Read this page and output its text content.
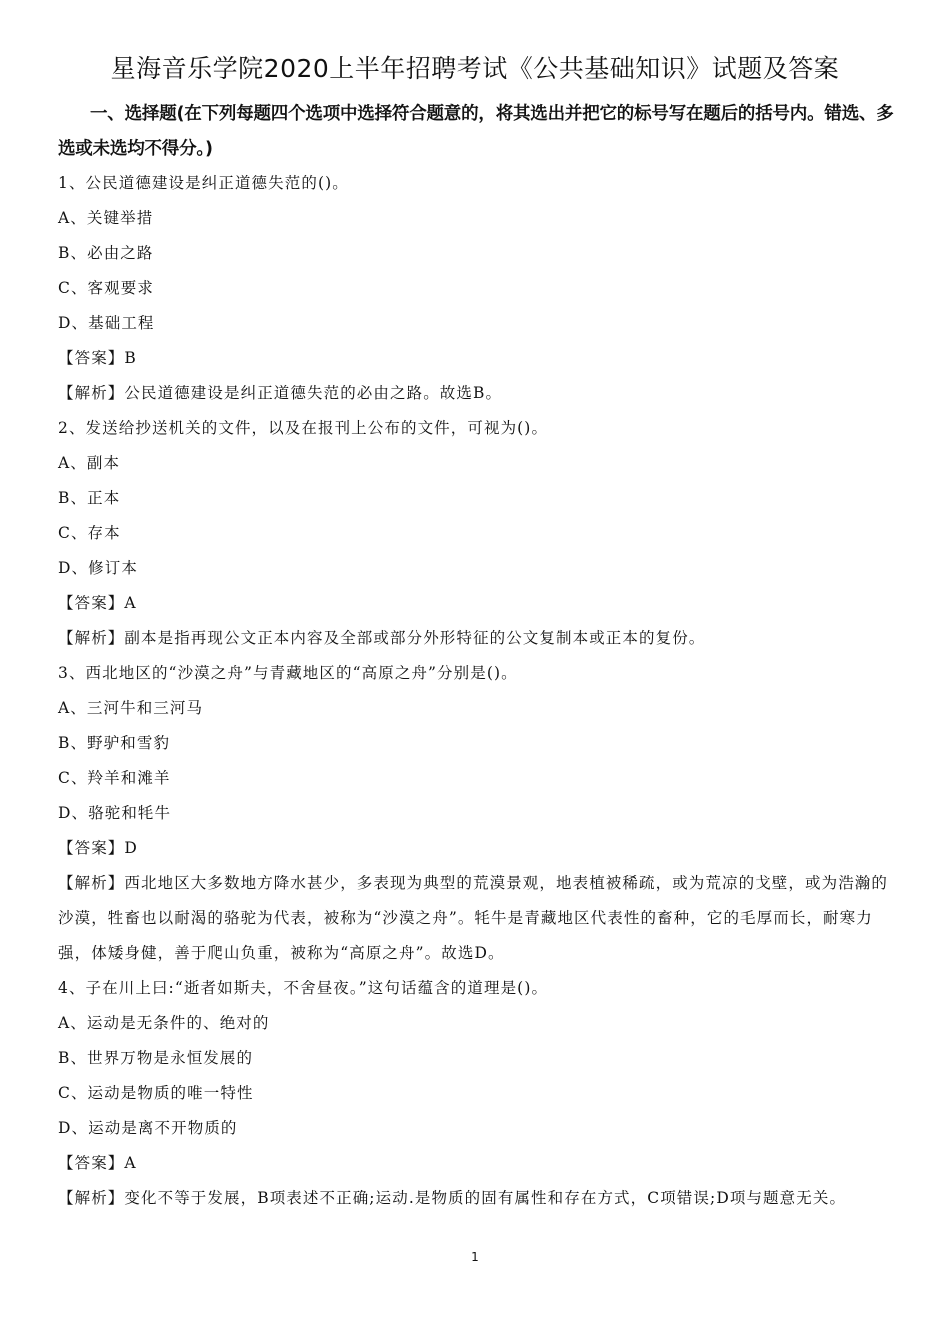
星海音乐学院2020上半年招聘考试《公共基础知识》试题及答案
一、选择题(在下列每题四个选项中选择符合题意的，将其选出并把它的标号写在题后的括号内。错选、多选或未选均不得分。)
1、公民道德建设是纠正道德失范的()。
A、关键举措
B、必由之路
C、客观要求
D、基础工程
【答案】B
【解析】公民道德建设是纠正道德失范的必由之路。故选B。
2、发送给抄送机关的文件，以及在报刊上公布的文件，可视为()。
A、副本
B、正本
C、存本
D、修订本
【答案】A
【解析】副本是指再现公文正本内容及全部或部分外形特征的公文复制本或正本的复份。
3、西北地区的“沙漠之舟”与青藏地区的“高原之舟”分别是()。
A、三河牛和三河马
B、野驴和雪豹
C、羚羊和滩羊
D、骆驼和牦牛
【答案】D
【解析】西北地区大多数地方降水甚少，多表现为典型的荒漠景观，地表植被稀疏，或为荒凉的戈壁，或为浩瀚的沙漠，牲畜也以耐渴的骆驼为代表，被称为“沙漠之舟”。牦牛是青藏地区代表性的畜种，它的毛厚而长，耐寒力强，体矮身健，善于爬山负重，被称为“高原之舟”。故选D。
4、子在川上曰:“逝者如斯夫，不舍昼夜。”这句话蕴含的道理是()。
A、运动是无条件的、绝对的
B、世界万物是永恒发展的
C、运动是物质的唯一特性
D、运动是离不开物质的
【答案】A
【解析】变化不等于发展，B项表述不正确;运动.是物质的固有属性和存在方式，C项错误;D项与题意无关。
1
